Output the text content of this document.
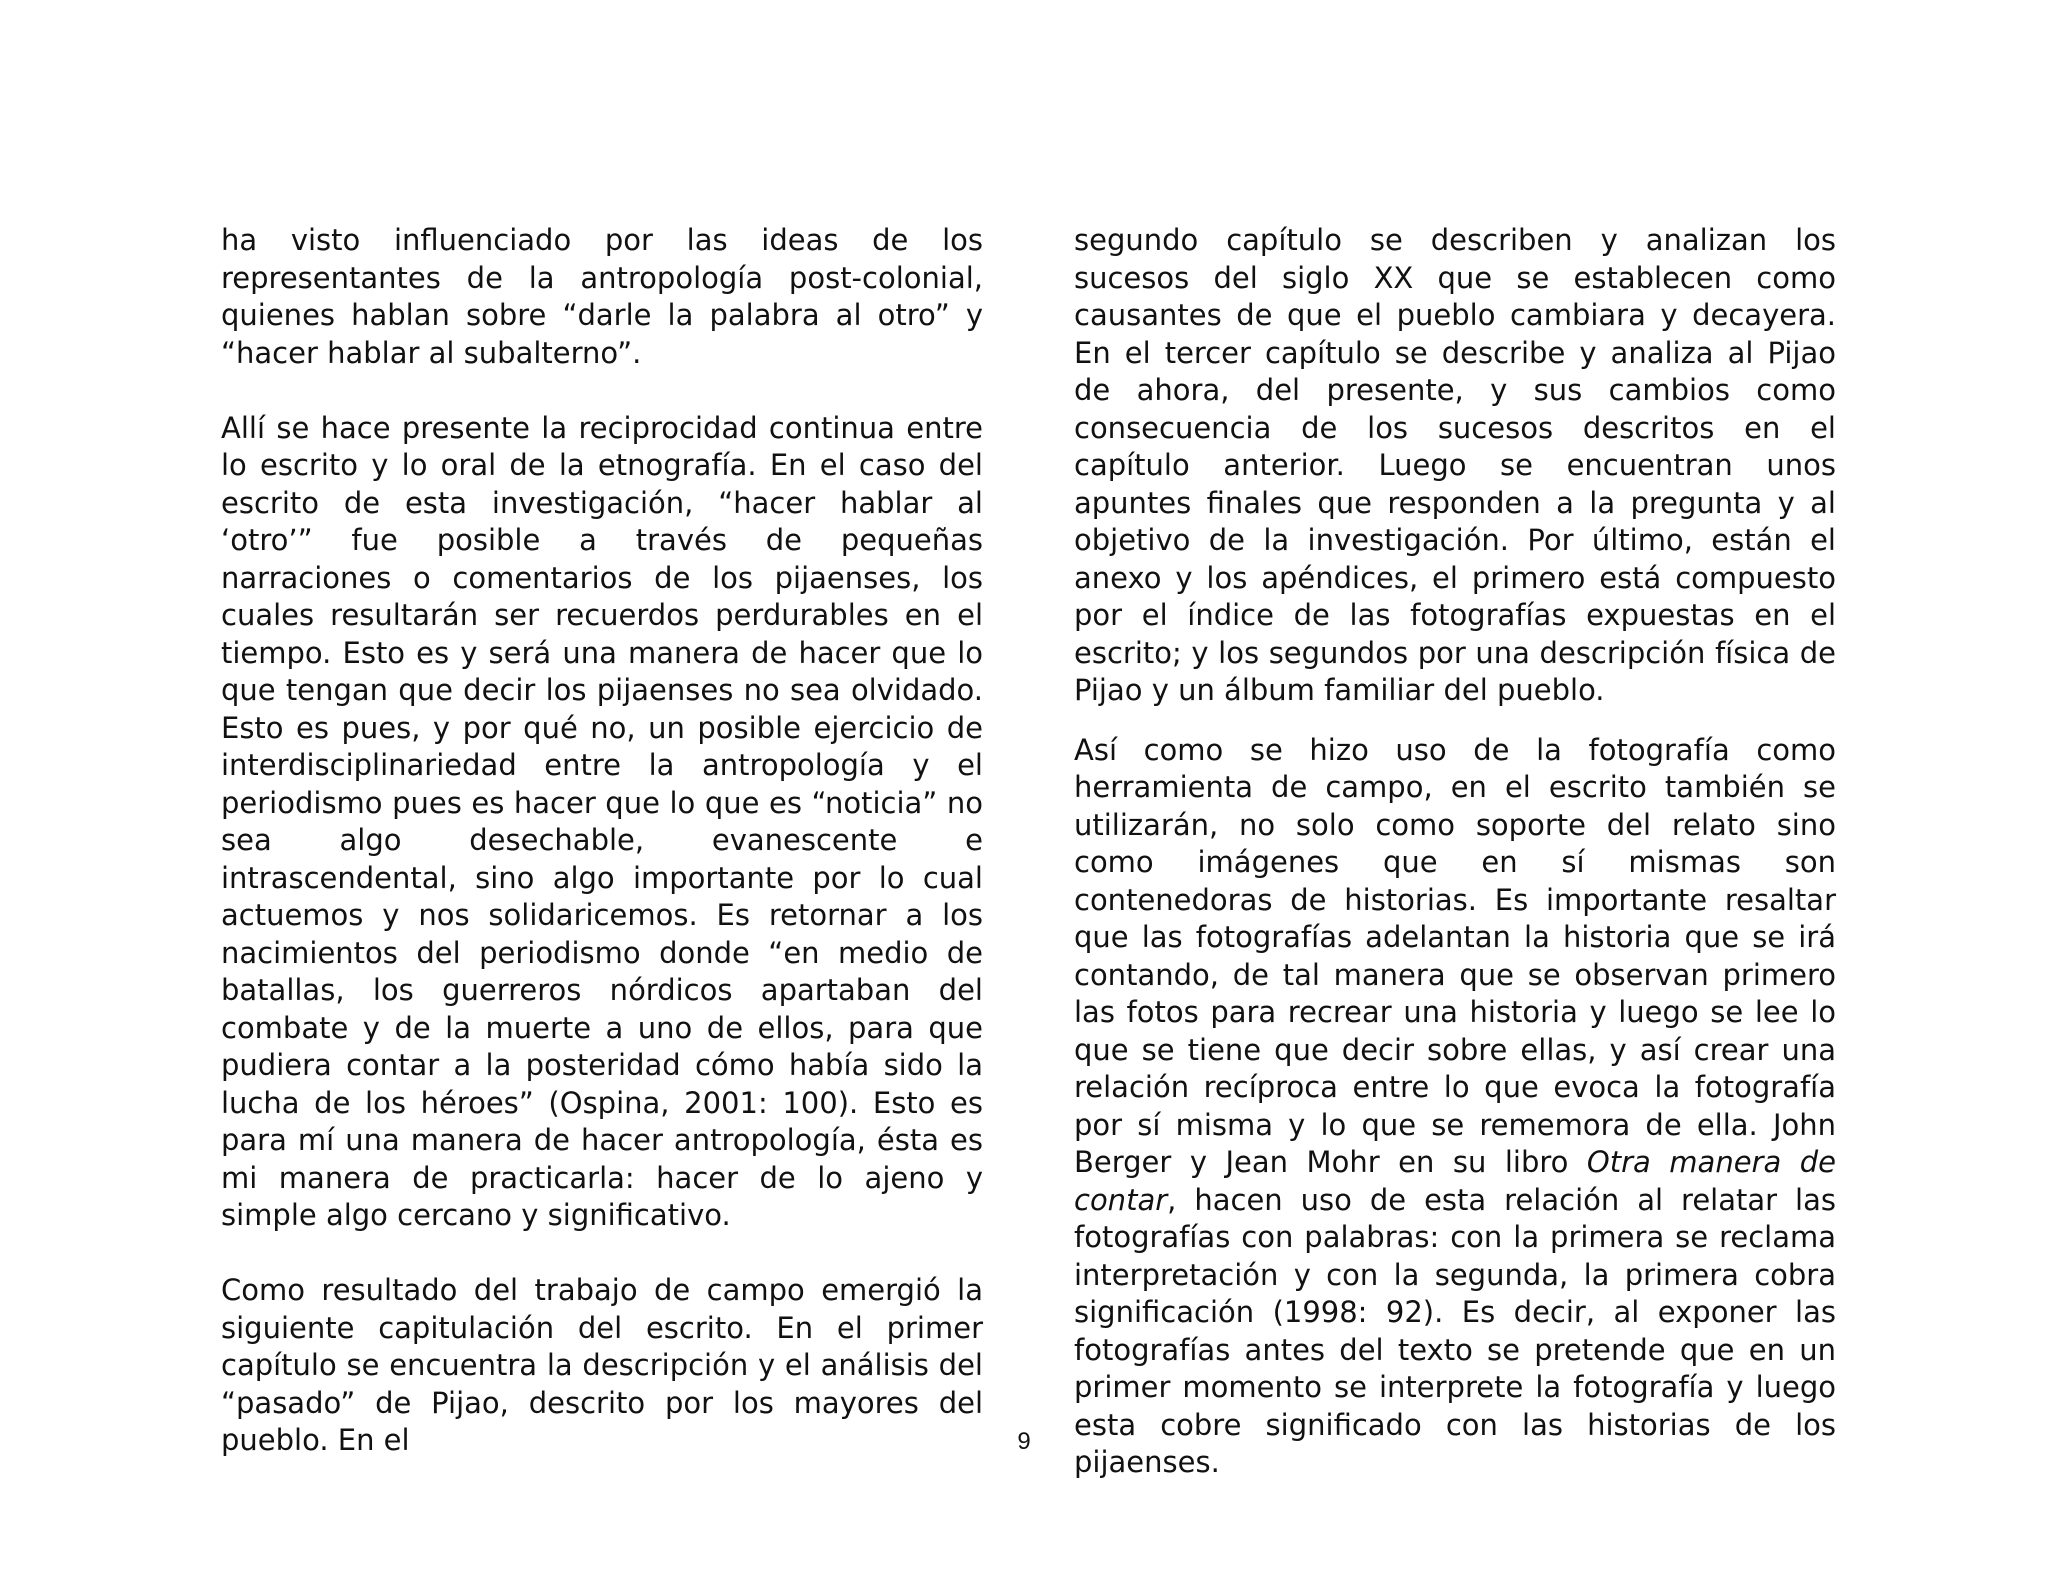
ha visto influenciado por las ideas de los representantes de la antropología post-colonial, quienes hablan sobre “darle la palabra al otro” y “hacer hablar al subalterno”.

Allí se hace presente la reciprocidad continua entre lo escrito y lo oral de la etnografía. En el caso del escrito de esta investigación, “hacer hablar al ‘otro’” fue posible a través de pequeñas narraciones o comentarios de los pijaenses, los cuales resultarán ser recuerdos perdurables en el tiempo. Esto es y será una manera de hacer que lo que tengan que decir los pijaenses no sea olvidado. Esto es pues, y por qué no, un posible ejercicio de interdisciplinariedad entre la antropología y el periodismo pues es hacer que lo que es “noticia” no sea algo desechable, evanescente e intrascendental, sino algo importante por lo cual actuemos y nos solidaricemos. Es retornar a los nacimientos del periodismo donde “en medio de batallas, los guerreros nórdicos apartaban del combate y de la muerte a uno de ellos, para que pudiera contar a la posteridad cómo había sido la lucha de los héroes” (Ospina, 2001: 100). Esto es para mí una manera de hacer antropología, ésta es mi manera de practicarla: hacer de lo ajeno y simple algo cercano y significativo.

Como resultado del trabajo de campo emergió la siguiente capitulación del escrito. En el primer capítulo se encuentra la descripción y el análisis del “pasado” de Pijao, descrito por los mayores del pueblo. En el

segundo capítulo se describen y analizan los sucesos del siglo XX que se establecen como causantes de que el pueblo cambiara y decayera. En el tercer capítulo se describe y analiza al Pijao de ahora, del presente, y sus cambios como consecuencia de los sucesos descritos en el capítulo anterior. Luego se encuentran unos apuntes finales que responden a la pregunta y al objetivo de la investigación. Por último, están el anexo y los apéndices, el primero está compuesto por el índice de las fotografías expuestas en el escrito; y los segundos por una descripción física de Pijao y un álbum familiar del pueblo.

Así como se hizo uso de la fotografía como herramienta de campo, en el escrito también se utilizarán, no solo como soporte del relato sino como imágenes que en sí mismas son contenedoras de historias. Es importante resaltar que las fotografías adelantan la historia que se irá contando, de tal manera que se observan primero las fotos para recrear una historia y luego se lee lo que se tiene que decir sobre ellas, y así crear una relación recíproca entre lo que evoca la fotografía por sí misma y lo que se rememora de ella. John Berger y Jean Mohr en su libro Otra manera de contar, hacen uso de esta relación al relatar las fotografías con palabras: con la primera se reclama interpretación y con la segunda, la primera cobra significación (1998: 92). Es decir, al exponer las fotografías antes del texto se pretende que en un primer momento se interprete la fotografía y luego esta cobre significado con las historias de los pijaenses.

9
